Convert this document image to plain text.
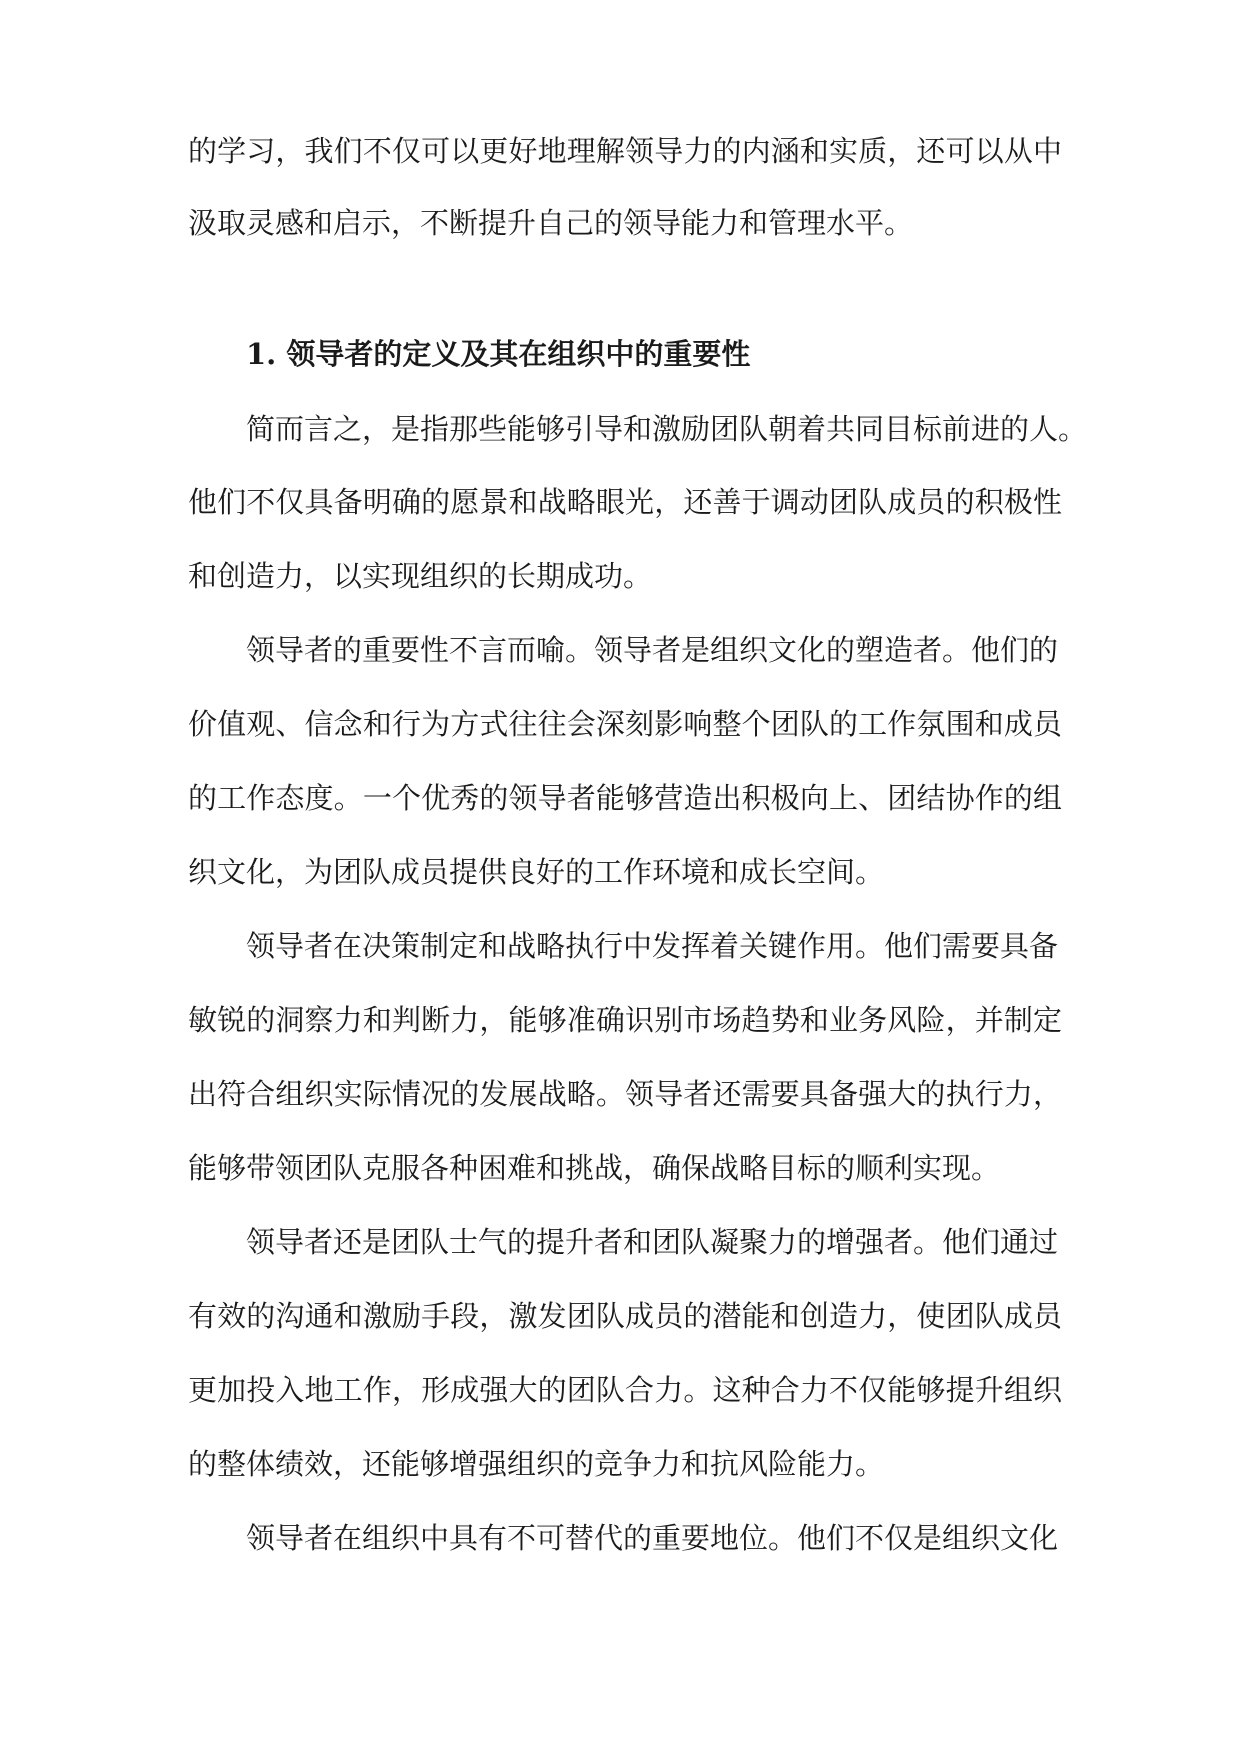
的学习，我们不仅可以更好地理解领导力的内涵和实质，还可以从中
汲取灵感和启示，不断提升自己的领导能力和管理水平。
1. 领导者的定义及其在组织中的重要性
简而言之，是指那些能够引导和激励团队朝着共同目标前进的人。
他们不仅具备明确的愿景和战略眼光，还善于调动团队成员的积极性
和创造力，以实现组织的长期成功。
领导者的重要性不言而喻。领导者是组织文化的塑造者。他们的
价值观、信念和行为方式往往会深刻影响整个团队的工作氛围和成员
的工作态度。一个优秀的领导者能够营造出积极向上、团结协作的组
织文化，为团队成员提供良好的工作环境和成长空间。
领导者在决策制定和战略执行中发挥着关键作用。他们需要具备
敏锐的洞察力和判断力，能够准确识别市场趋势和业务风险，并制定
出符合组织实际情况的发展战略。领导者还需要具备强大的执行力，
能够带领团队克服各种困难和挑战，确保战略目标的顺利实现。
领导者还是团队士气的提升者和团队凝聚力的增强者。他们通过
有效的沟通和激励手段，激发团队成员的潜能和创造力，使团队成员
更加投入地工作，形成强大的团队合力。这种合力不仅能够提升组织
的整体绩效，还能够增强组织的竞争力和抗风险能力。
领导者在组织中具有不可替代的重要地位。他们不仅是组织文化
